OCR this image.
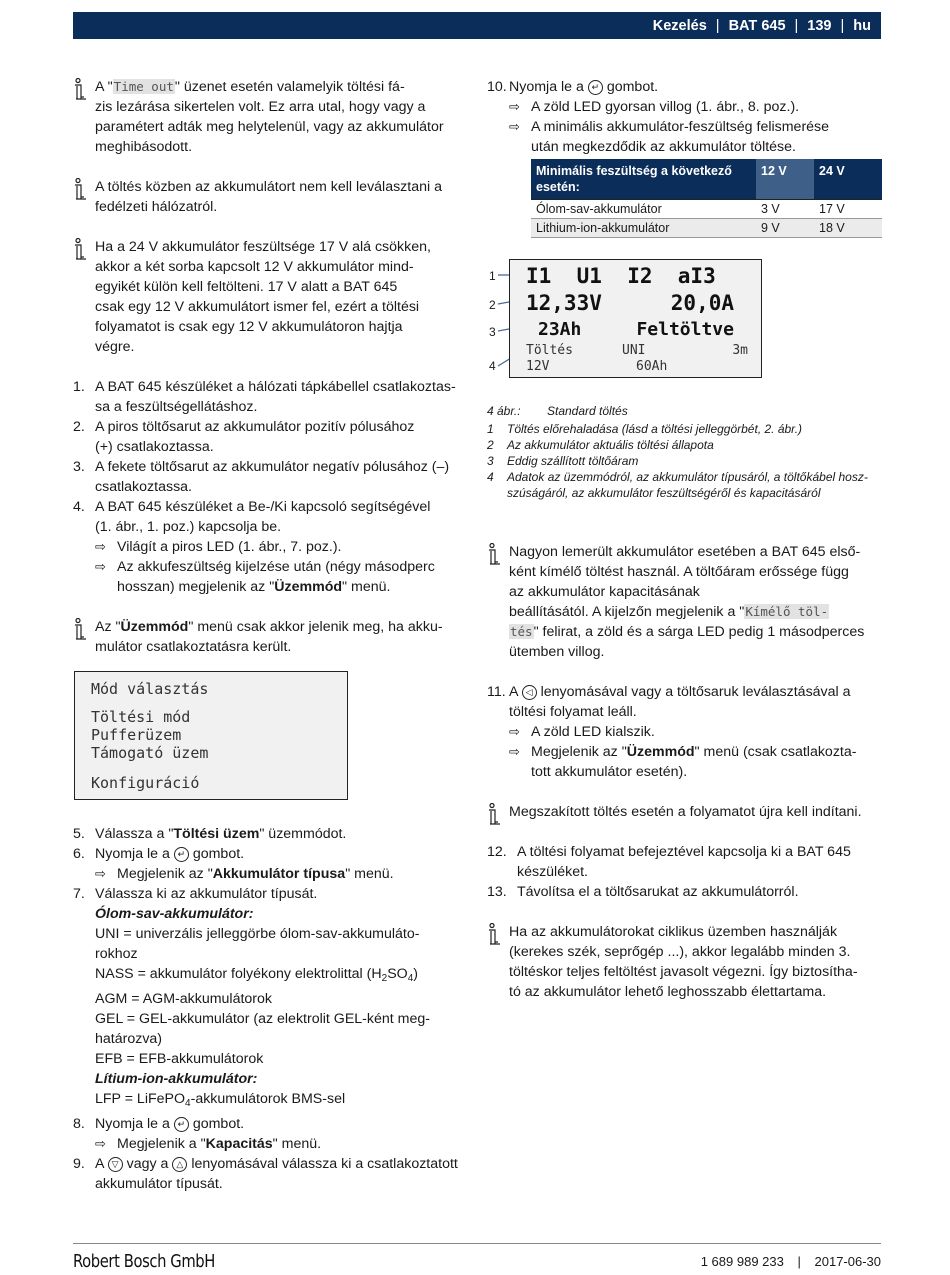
Kezelés | BAT 645 | 139 | hu
A "Time out" üzenet esetén valamelyik töltési fá-
zis lezárása sikertelen volt. Ez arra utal, hogy vagy a
paramétert adták meg helytelenül, vagy az akkumulátor
meghibásodott.
A töltés közben az akkumulátort nem kell leválasztani a
fedélzeti hálózatról.
Ha a 24 V akkumulátor feszültsége 17 V alá csökken,
akkor a két sorba kapcsolt 12 V akkumulátor mind-
egyikét külön kell feltölteni. 17 V alatt a BAT 645
csak egy 12 V akkumulátort ismer fel, ezért a töltési
folyamatot is csak egy 12 V akkumulátoron hajtja
végre.
1. A BAT 645 készüléket a hálózati tápkábellel csatlakoztas-
sa a feszültségellátáshoz.
2. A piros töltősarut az akkumulátor pozitív pólusához
(+) csatlakoztassa.
3. A fekete töltősarut az akkumulátor negatív pólusához (–)
csatlakoztassa.
4. A BAT 645 készüléket a Be-/Ki kapcsoló segítségével
(1. ábr., 1. poz.) kapcsolja be.
⇨ Világít a piros LED (1. ábr., 7. poz.).
⇨ Az akkufeszültség kijelzése után (négy másodperc
hosszan) megjelenik az "Üzemmód" menü.
Az "Üzemmód" menü csak akkor jelenik meg, ha akku-
mulátor csatlakoztatásra került.
Mód választás
Töltési mód
Pufferüzem
Támogató üzem
Konfiguráció
5. Válassza a "Töltési üzem" üzemmódot.
6. Nyomja le a ↵ gombot.
⇨ Megjelenik az "Akkumulátor típusa" menü.
7. Válassza ki az akkumulátor típusát.
Ólom-sav-akkumulátor:
UNI = univerzális jelleggörbe ólom-sav-akkumuláto-
rokhoz
NASS = akkumulátor folyékony elektrolittal $(H_2SO_4)$
AGM = AGM-akkumulátorok
GEL = GEL-akkumulátor (az elektrolit GEL-ként meg-
határozva)
EFB = EFB-akkumulátorok
Lítium-ion-akkumulátor:
LFP = LiFePO$_4$-akkumulátorok BMS-sel
8. Nyomja le a ↵ gombot.
⇨ Megjelenik a "Kapacitás" menü.
9. A ▽ vagy a △ lenyomásával válassza ki a csatlakoztatott
akkumulátor típusát.
10. Nyomja le a ↵ gombot.
⇨ A zöld LED gyorsan villog (1. ábr., 8. poz.).
⇨ A minimális akkumulátor-feszültség felismerése
után megkezdődik az akkumulátor töltése.
Minimális feszültség a következő esetén:	12 V	24 V
Ólom-sav-akkumulátor	3 V	17 V
Lithium-ion-akkumulátor	9 V	18 V
1
2
3
4
I1 U1 I2 aI3
12,33V	20,0A
23Ah	Feltöltve
Töltés	UNI	3m
12V	60Ah
4 ábr.: Standard töltés
1 Töltés előrehaladása (lásd a töltési jelleggörbét, 2. ábr.)
2 Az akkumulátor aktuális töltési állapota
3 Eddig szállított töltőáram
4 Adatok az üzemmódról, az akkumulátor típusáról, a töltőkábel hosz-
szúságáról, az akkumulátor feszültségéről és kapacitásáról
Nagyon lemerült akkumulátor esetében a BAT 645 első-
ként kímélő töltést használ. A töltőáram erőssége függ
az akkumulátor kapacitásának
beállításától. A kijelzőn megjelenik a "Kímélő töl-
tés" felirat, a zöld és a sárga LED pedig 1 másodperces
ütemben villog.
11. A ◁ lenyomásával vagy a töltősaruk leválasztásával a
töltési folyamat leáll.
⇨ A zöld LED kialszik.
⇨ Megjelenik az "Üzemmód" menü (csak csatlakozta-
tott akkumulátor esetén).
Megszakított töltés esetén a folyamatot újra kell indítani.
12. A töltési folyamat befejeztével kapcsolja ki a BAT 645
készüléket.
13. Távolítsa el a töltősarukat az akkumulátorról.
Ha az akkumulátorokat ciklikus üzemben használják
(kerekes szék, seprőgép ...), akkor legalább minden 3.
töltéskor teljes feltöltést javasolt végezni. Így biztosítha-
tó az akkumulátor lehető leghosszabb élettartama.
Robert Bosch GmbH	1 689 989 233 | 2017-06-30
